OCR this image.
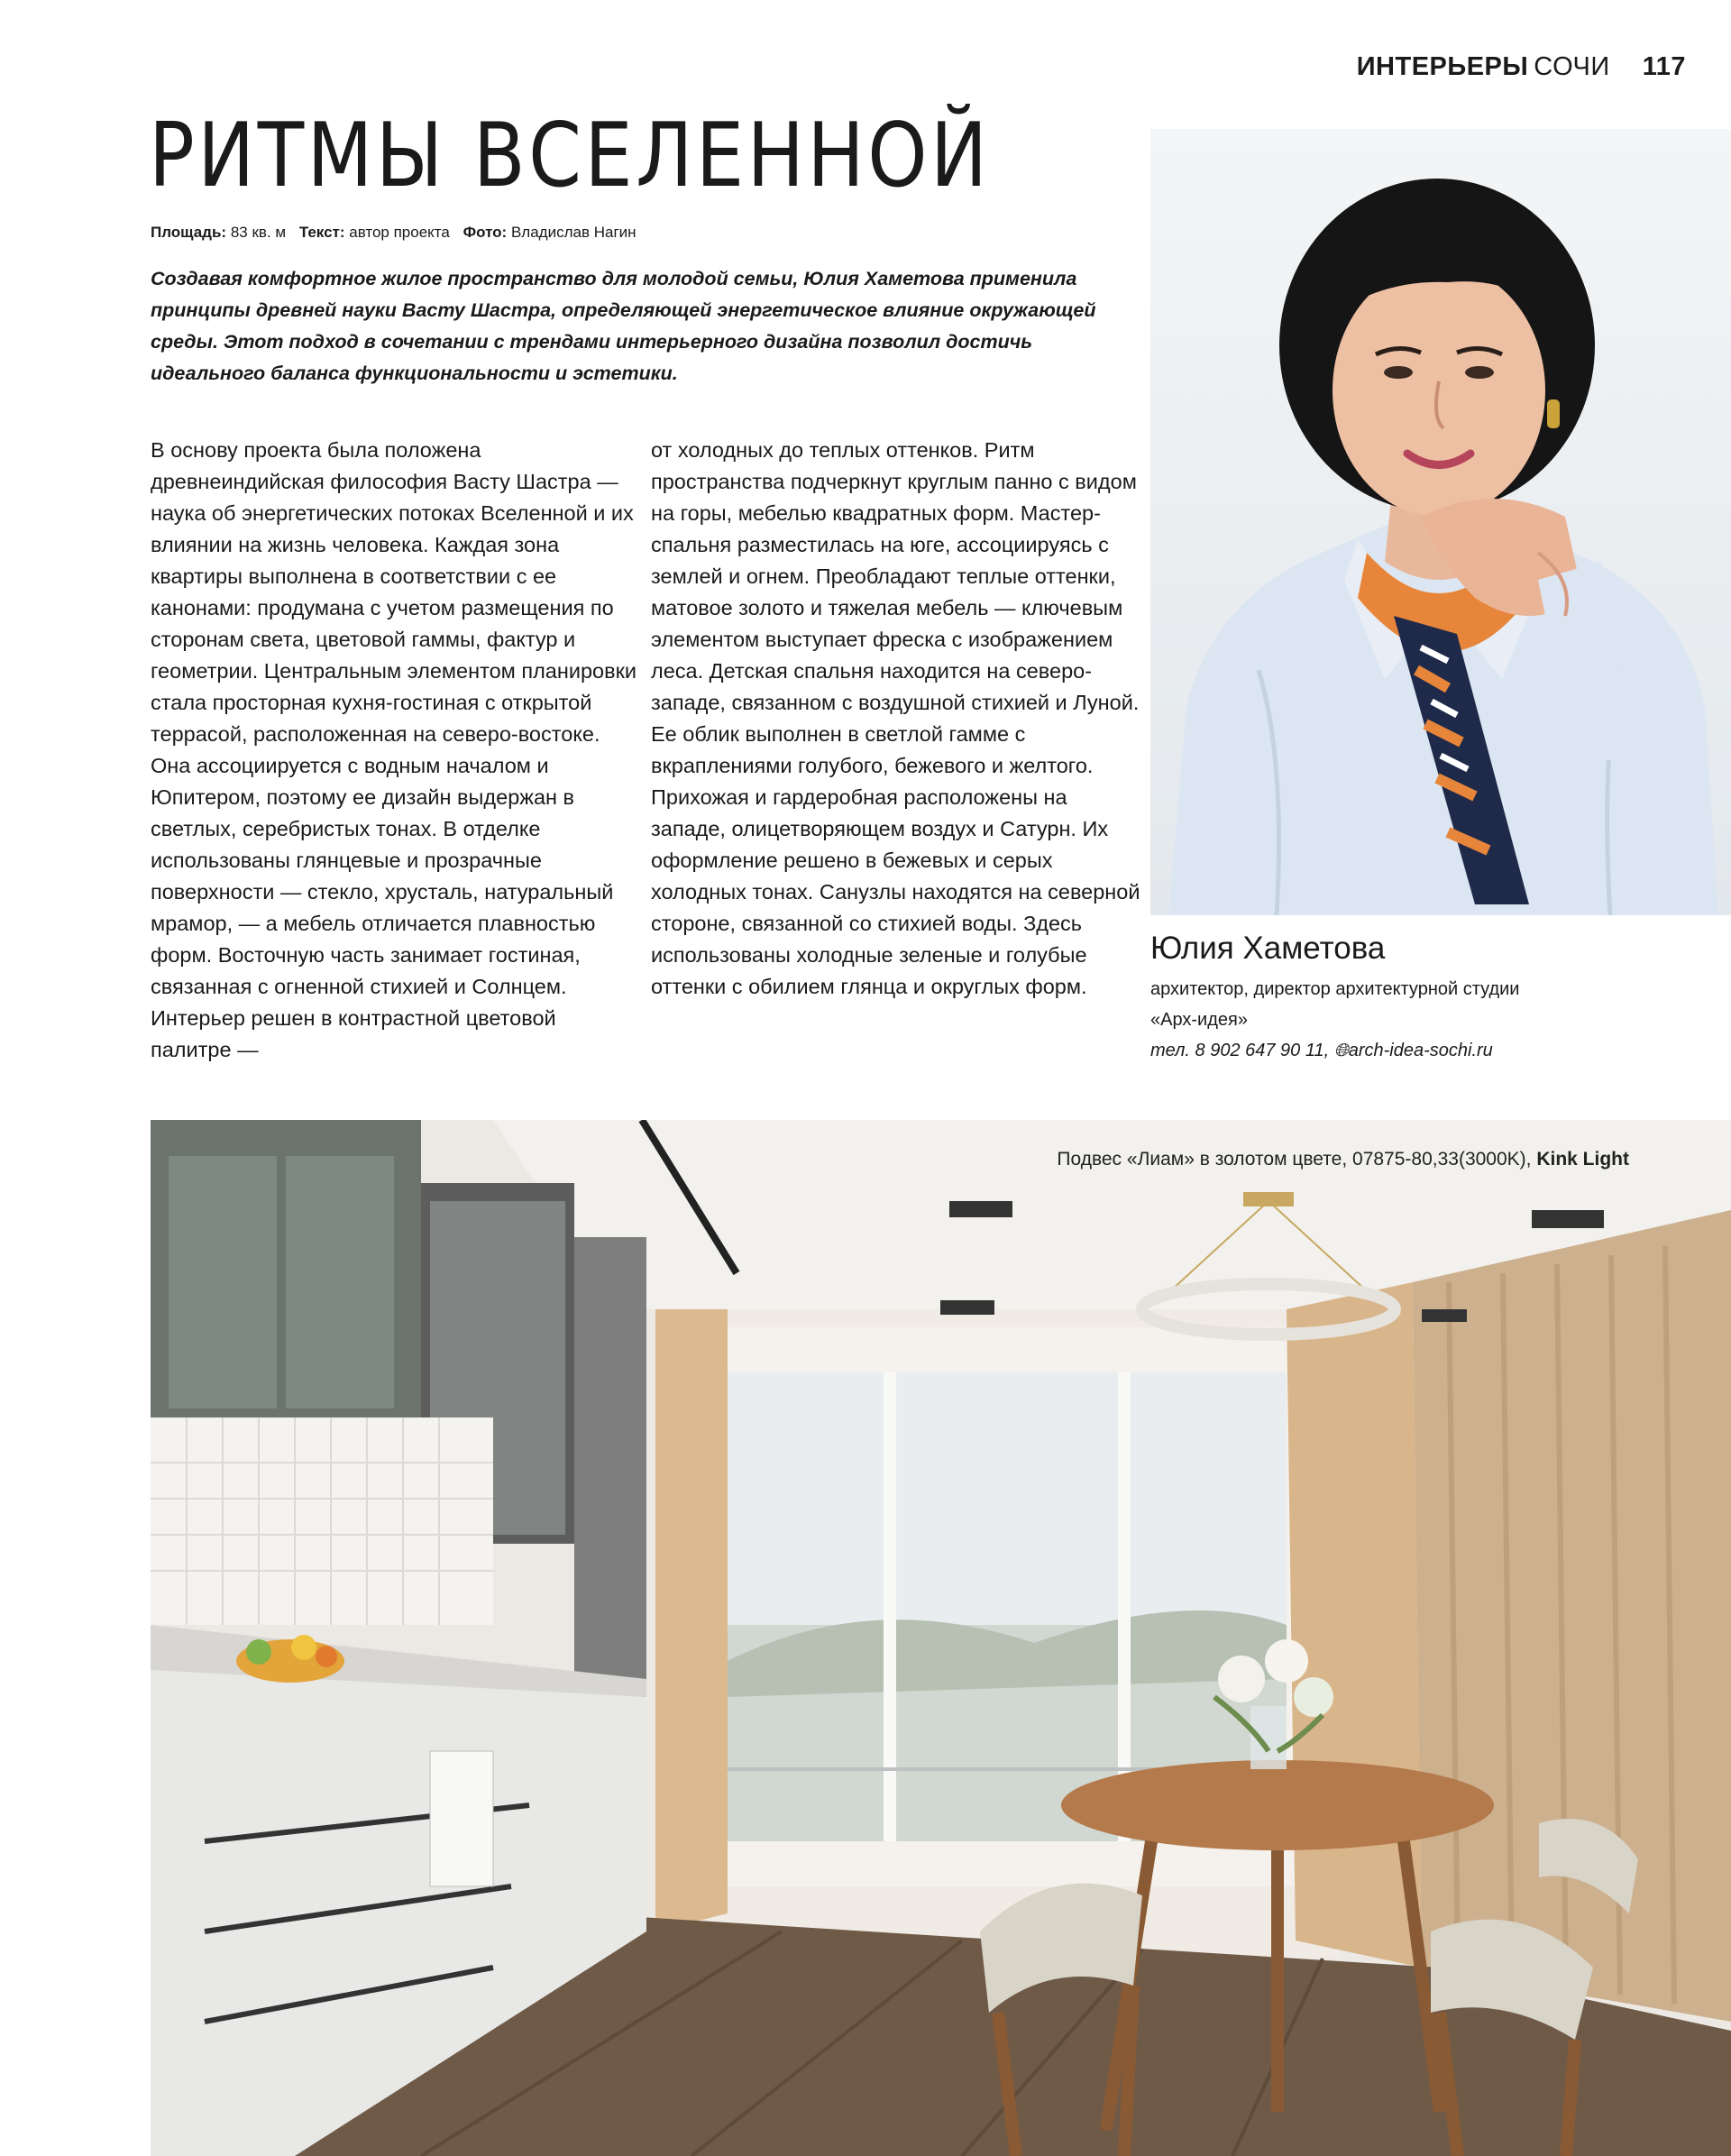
ИНТЕРЬЕРЫ СОЧИ 117
РИТМЫ ВСЕЛЕННОЙ
Площадь: 83 кв. м Текст: автор проекта Фото: Владислав Нагин

Создавая комфортное жилое пространство для молодой семьи, Юлия Хаметова применила принципы древней науки Васту Шастра, определяющей энергетическое влияние окружающей среды. Этот подход в сочетании с трендами интерьерного дизайна позволил достичь идеального баланса функциональности и эстетики.

В основу проекта была положена древнеиндийская философия Васту Шастра — наука об энергетических потоках Вселенной и их влиянии на жизнь человека. Каждая зона квартиры выполнена в соответствии с ее канонами: продумана с учетом размещения по сторонам света, цветовой гаммы, фактур и геометрии. Центральным элементом планировки стала просторная кухня-гостиная с открытой террасой, расположенная на северо-востоке. Она ассоциируется с водным началом и Юпитером, поэтому ее дизайн выдержан в светлых, серебристых тонах. В отделке использованы глянцевые и прозрачные поверхности — стекло, хрусталь, натуральный мрамор, — а мебель отличается плавностью форм. Восточную часть занимает гостиная, связанная с огненной стихией и Солнцем. Интерьер решен в контрастной цветовой палитре —

от холодных до теплых оттенков. Ритм пространства подчеркнут круглым панно с видом на горы, мебелью квадратных форм. Мастер-спальня разместилась на юге, ассоциируясь с землей и огнем. Преобладают теплые оттенки, матовое золото и тяжелая мебель — ключевым элементом выступает фреска с изображением леса. Детская спальня находится на северо-западе, связанном с воздушной стихией и Луной. Ее облик выполнен в светлой гамме с вкраплениями голубого, бежевого и желтого. Прихожая и гардеробная расположены на западе, олицетворяющем воздух и Сатурн. Их оформление решено в бежевых и серых холодных тонах. Санузлы находятся на северной стороне, связанной со стихией воды. Здесь использованы холодные зеленые и голубые оттенки с обилием глянца и округлых форм.

Юлия Хаметова
архитектор, директор архитектурной студии
«Арх-идея»
тел. 8 902 647 90 11, 🌐︎arch-idea-sochi.ru
Подвес «Лиам» в золотом цвете, 07875-80,33(3000K), Kink Light
